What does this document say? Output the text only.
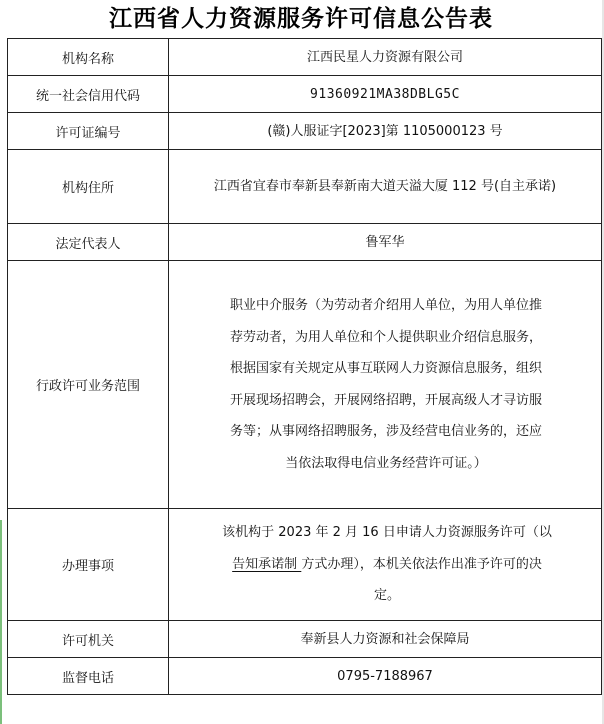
江西省人力资源服务许可信息公告表
机构名称	江西民星人力资源有限公司
统一社会信用代码	91360921MA38DBLG5C
许可证编号	(赣)人服证字[2023]第 1105000123 号
机构住所	江西省宜春市奉新县奉新南大道天溢大厦 112 号(自主承诺)
法定代表人	鲁军华
行政许可业务范围	职业中介服务（为劳动者介绍用人单位，为用人单位推荐劳动者，为用人单位和个人提供职业介绍信息服务，根据国家有关规定从事互联网人力资源信息服务，组织开展现场招聘会，开展网络招聘，开展高级人才寻访服务等；从事网络招聘服务，涉及经营电信业务的，还应当依法取得电信业务经营许可证。）
办理事项	该机构于 2023 年 2 月 16 日申请人力资源服务许可（以 告知承诺制 方式办理），本机关依法作出准予许可的决定。
许可机关	奉新县人力资源和社会保障局
监督电话	0795-7188967
